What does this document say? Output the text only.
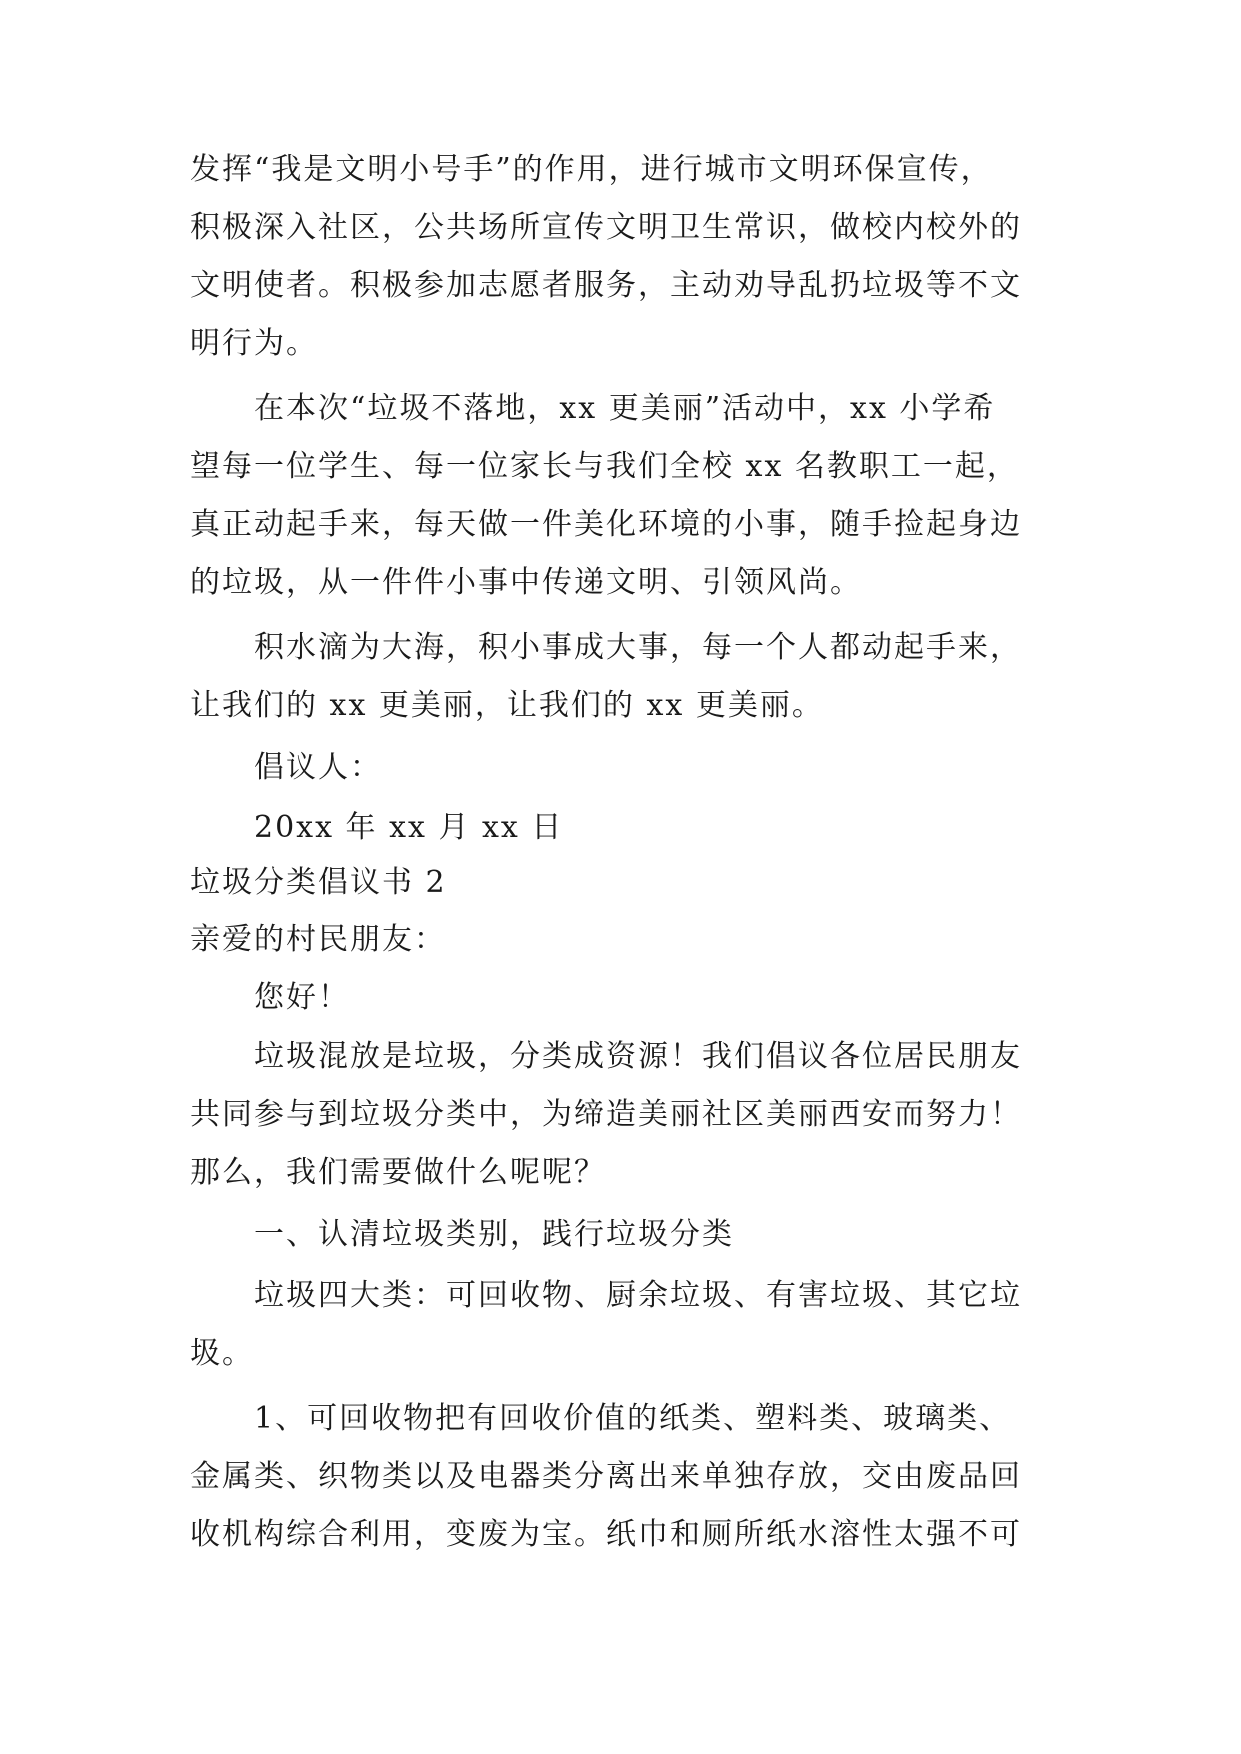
发挥“我是文明小号手”的作用，进行城市文明环保宣传，
积极深入社区，公共场所宣传文明卫生常识，做校内校外的
文明使者。积极参加志愿者服务，主动劝导乱扔垃圾等不文
明行为。
在本次“垃圾不落地，xx 更美丽”活动中，xx 小学希
望每一位学生、每一位家长与我们全校 xx 名教职工一起，
真正动起手来，每天做一件美化环境的小事，随手捡起身边
的垃圾，从一件件小事中传递文明、引领风尚。
积水滴为大海，积小事成大事，每一个人都动起手来，
让我们的 xx 更美丽，让我们的 xx 更美丽。
倡议人：
20xx 年 xx 月 xx 日
垃圾分类倡议书 2
亲爱的村民朋友：
您好！
垃圾混放是垃圾，分类成资源！我们倡议各位居民朋友
共同参与到垃圾分类中，为缔造美丽社区美丽西安而努力！
那么，我们需要做什么呢呢？
一、认清垃圾类别，践行垃圾分类
垃圾四大类：可回收物、厨余垃圾、有害垃圾、其它垃
圾。
1、可回收物把有回收价值的纸类、塑料类、玻璃类、
金属类、织物类以及电器类分离出来单独存放，交由废品回
收机构综合利用，变废为宝。纸巾和厕所纸水溶性太强不可
